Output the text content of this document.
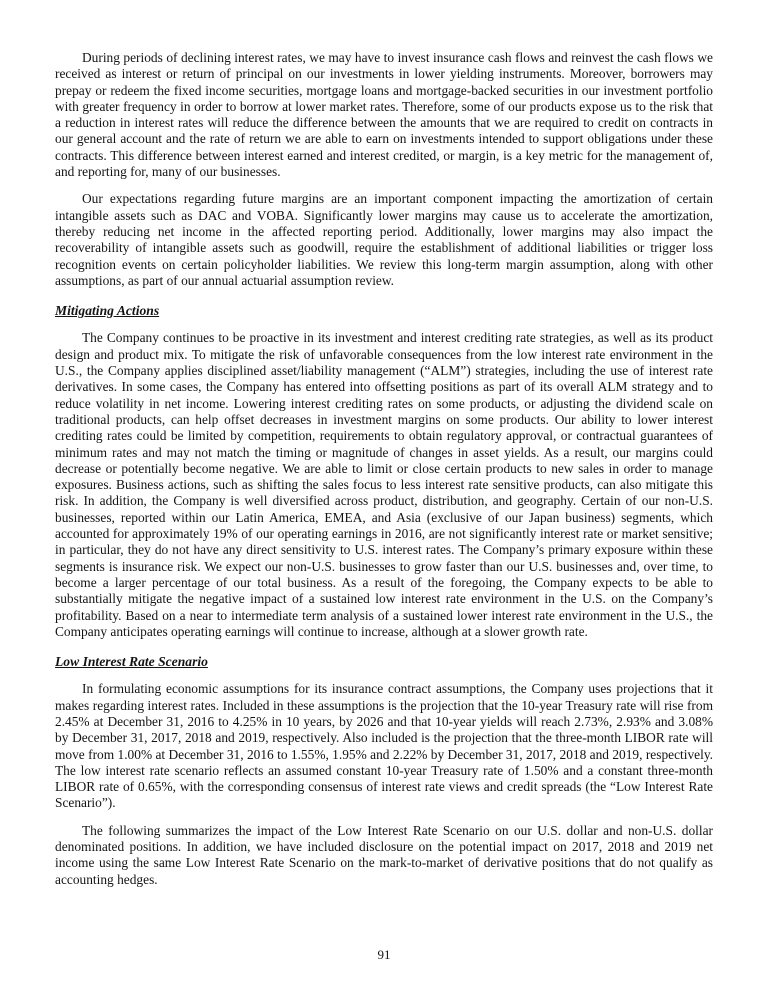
During periods of declining interest rates, we may have to invest insurance cash flows and reinvest the cash flows we received as interest or return of principal on our investments in lower yielding instruments. Moreover, borrowers may prepay or redeem the fixed income securities, mortgage loans and mortgage-backed securities in our investment portfolio with greater frequency in order to borrow at lower market rates. Therefore, some of our products expose us to the risk that a reduction in interest rates will reduce the difference between the amounts that we are required to credit on contracts in our general account and the rate of return we are able to earn on investments intended to support obligations under these contracts. This difference between interest earned and interest credited, or margin, is a key metric for the management of, and reporting for, many of our businesses.

Our expectations regarding future margins are an important component impacting the amortization of certain intangible assets such as DAC and VOBA. Significantly lower margins may cause us to accelerate the amortization, thereby reducing net income in the affected reporting period. Additionally, lower margins may also impact the recoverability of intangible assets such as goodwill, require the establishment of additional liabilities or trigger loss recognition events on certain policyholder liabilities. We review this long-term margin assumption, along with other assumptions, as part of our annual actuarial assumption review.

Mitigating Actions

The Company continues to be proactive in its investment and interest crediting rate strategies, as well as its product design and product mix. To mitigate the risk of unfavorable consequences from the low interest rate environment in the U.S., the Company applies disciplined asset/liability management (“ALM”) strategies, including the use of interest rate derivatives. In some cases, the Company has entered into offsetting positions as part of its overall ALM strategy and to reduce volatility in net income. Lowering interest crediting rates on some products, or adjusting the dividend scale on traditional products, can help offset decreases in investment margins on some products. Our ability to lower interest crediting rates could be limited by competition, requirements to obtain regulatory approval, or contractual guarantees of minimum rates and may not match the timing or magnitude of changes in asset yields. As a result, our margins could decrease or potentially become negative. We are able to limit or close certain products to new sales in order to manage exposures. Business actions, such as shifting the sales focus to less interest rate sensitive products, can also mitigate this risk. In addition, the Company is well diversified across product, distribution, and geography. Certain of our non-U.S. businesses, reported within our Latin America, EMEA, and Asia (exclusive of our Japan business) segments, which accounted for approximately 19% of our operating earnings in 2016, are not significantly interest rate or market sensitive; in particular, they do not have any direct sensitivity to U.S. interest rates. The Company’s primary exposure within these segments is insurance risk. We expect our non-U.S. businesses to grow faster than our U.S. businesses and, over time, to become a larger percentage of our total business. As a result of the foregoing, the Company expects to be able to substantially mitigate the negative impact of a sustained low interest rate environment in the U.S. on the Company’s profitability. Based on a near to intermediate term analysis of a sustained lower interest rate environment in the U.S., the Company anticipates operating earnings will continue to increase, although at a slower growth rate.

Low Interest Rate Scenario

In formulating economic assumptions for its insurance contract assumptions, the Company uses projections that it makes regarding interest rates. Included in these assumptions is the projection that the 10-year Treasury rate will rise from 2.45% at December 31, 2016 to 4.25% in 10 years, by 2026 and that 10-year yields will reach 2.73%, 2.93% and 3.08% by December 31, 2017, 2018 and 2019, respectively. Also included is the projection that the three-month LIBOR rate will move from 1.00% at December 31, 2016 to 1.55%, 1.95% and 2.22% by December 31, 2017, 2018 and 2019, respectively. The low interest rate scenario reflects an assumed constant 10-year Treasury rate of 1.50% and a constant three-month LIBOR rate of 0.65%, with the corresponding consensus of interest rate views and credit spreads (the “Low Interest Rate Scenario”).

The following summarizes the impact of the Low Interest Rate Scenario on our U.S. dollar and non-U.S. dollar denominated positions. In addition, we have included disclosure on the potential impact on 2017, 2018 and 2019 net income using the same Low Interest Rate Scenario on the mark-to-market of derivative positions that do not qualify as accounting hedges.

91
